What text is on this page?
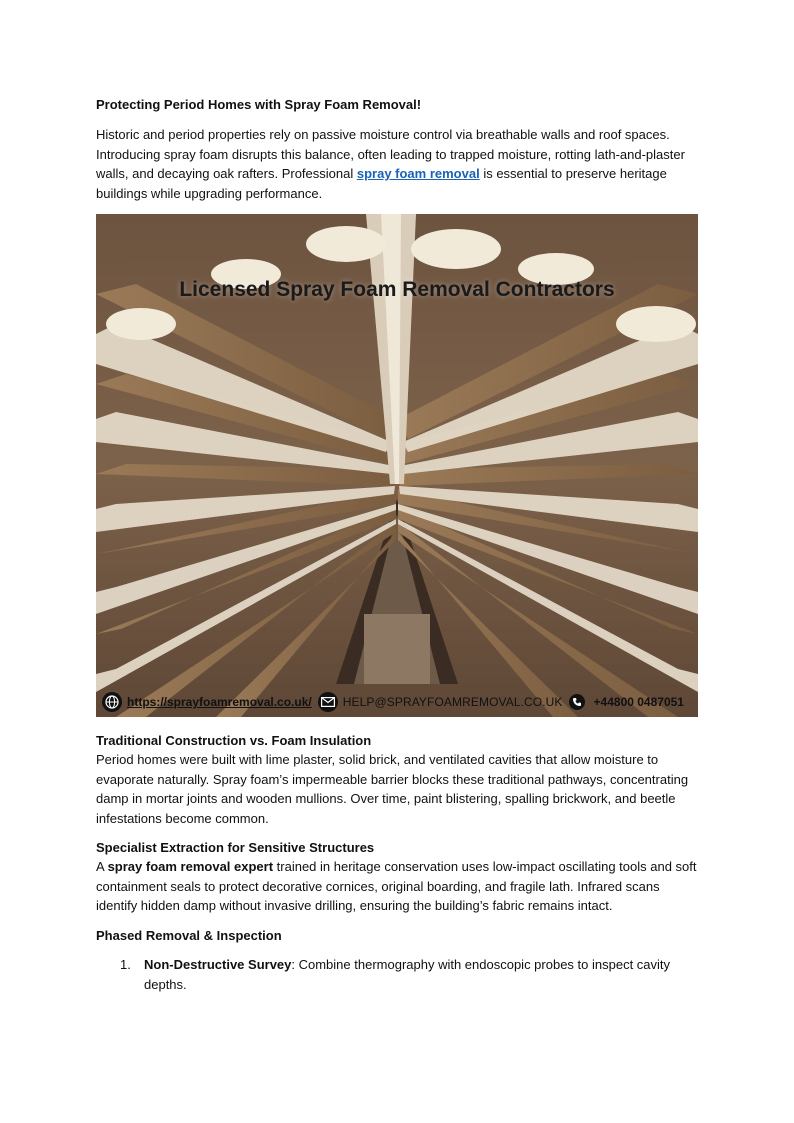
Protecting Period Homes with Spray Foam Removal!

Historic and period properties rely on passive moisture control via breathable walls and roof spaces. Introducing spray foam disrupts this balance, often leading to trapped moisture, rotting lath-and-plaster walls, and decaying oak rafters. Professional spray foam removal is essential to preserve heritage buildings while upgrading performance.

Licensed Spray Foam Removal Contractors
https://sprayfoamremoval.co.uk/	HELP@SPRAYFOAMREMOVAL.CO.UK	+44800 0487051

Traditional Construction vs. Foam Insulation

Period homes were built with lime plaster, solid brick, and ventilated cavities that allow moisture to evaporate naturally. Spray foam’s impermeable barrier blocks these traditional pathways, concentrating damp in mortar joints and wooden mullions. Over time, paint blistering, spalling brickwork, and beetle infestations become common.

Specialist Extraction for Sensitive Structures

A spray foam removal expert trained in heritage conservation uses low-impact oscillating tools and soft containment seals to protect decorative cornices, original boarding, and fragile lath. Infrared scans identify hidden damp without invasive drilling, ensuring the building’s fabric remains intact.

Phased Removal & Inspection

1. Non-Destructive Survey: Combine thermography with endoscopic probes to inspect cavity depths.
